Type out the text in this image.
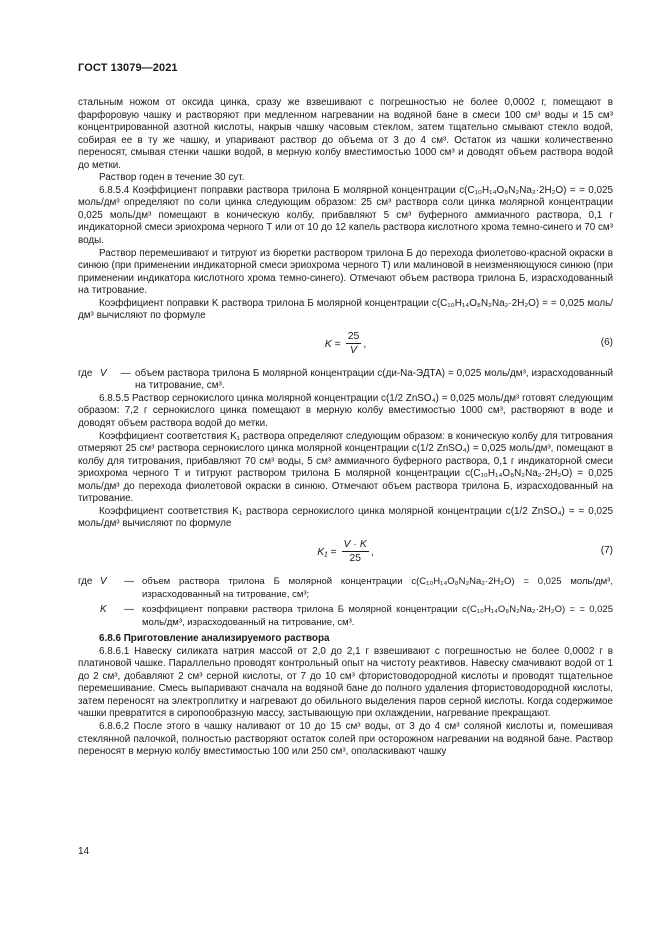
ГОСТ 13079—2021

стальным ножом от оксида цинка, сразу же взвешивают с погрешностью не более 0,0002 г, помещают в фарфоровую чашку и растворяют при медленном нагревании на водяной бане в смеси 100 см³ воды и 15 см³ концентрированной азотной кислоты, накрыв чашку часовым стеклом, затем тщательно смывают стекло водой, собирая ее в ту же чашку, и упаривают раствор до объема от 3 до 4 см³. Остаток из чашки количественно переносят, смывая стенки чашки водой, в мерную колбу вместимостью 1000 см³ и доводят объем раствора водой до метки.

Раствор годен в течение 30 сут.

6.8.5.4 Коэффициент поправки раствора трилона Б молярной концентрации c(C₁₀H₁₄O₈N₂Na₂·2H₂O) = = 0,025 моль/дм³ определяют по соли цинка следующим образом: 25 см³ раствора соли цинка молярной концентрации 0,025 моль/дм³ помещают в коническую колбу, прибавляют 5 см³ буферного аммиачного раствора, 0,1 г индикаторной смеси эриохрома черного Т или от 10 до 12 капель раствора кислотного хрома темно-синего и 70 см³ воды.

Раствор перемешивают и титруют из бюретки раствором трилона Б до перехода фиолетово-красной окраски в синюю (при применении индикаторной смеси эриохрома черного Т) или малиновой в неизменяющуюся синюю (при применении индикатора кислотного хрома темно-синего). Отмечают объем раствора трилона Б, израсходованный на титрование.

Коэффициент поправки K раствора трилона Б молярной концентрации c(C₁₀H₁₄O₈N₂Na₂·2H₂O) = = 0,025 моль/дм³ вычисляют по формуле

$K = \frac{25}{V}$ ,	(6)
где V	— объем раствора трилона Б молярной концентрации c(ди-Na-ЭДТА) = 0,025 моль/дм³, израсходованный на титрование, см³.

6.8.5.5 Раствор сернокислого цинка молярной концентрации c(1/2 ZnSO₄) = 0,025 моль/дм³ готовят следующим образом: 7,2 г сернокислого цинка помещают в мерную колбу вместимостью 1000 см³, растворяют в воде и доводят объем раствора водой до метки.

Коэффициент соответствия K₁ раствора определяют следующим образом: в коническую колбу для титрования отмеряют 25 см³ раствора сернокислого цинка молярной концентрации c(1/2 ZnSO₄) = 0,025 моль/дм³, помещают в колбу для титрования, прибавляют 70 см³ воды, 5 см³ аммиачного буферного раствора, 0,1 г индикаторной смеси эриохрома черного Т и титруют раствором трилона Б молярной концентрации c(C₁₀H₁₄O₈N₂Na₂·2H₂O) = 0,025 моль/дм³ до перехода фиолетовой окраски в синюю. Отмечают объем раствора трилона Б, израсходованный на титрование.

Коэффициент соответствия K₁ раствора сернокислого цинка молярной концентрации c(1/2 ZnSO₄) = = 0,025 моль/дм³ вычисляют по формуле

$K_1 = \frac{V \cdot K}{25}$ ,	(7)
где V	— объем раствора трилона Б молярной концентрации c(C₁₀H₁₄O₈N₂Na₂·2H₂O) = 0,025 моль/дм³, израсходованный на титрование, см³;
K	— коэффициент поправки раствора трилона Б молярной концентрации c(C₁₀H₁₄O₈N₂Na₂·2H₂O) = = 0,025 моль/дм³, израсходованный на титрование, см³.

6.8.6 Приготовление анализируемого раствора

6.8.6.1 Навеску силиката натрия массой от 2,0 до 2,1 г взвешивают с погрешностью не более 0,0002 г в платиновой чашке. Параллельно проводят контрольный опыт на чистоту реактивов. Навеску смачивают водой от 1 до 2 см³, добавляют 2 см³ серной кислоты, от 7 до 10 см³ фтористоводородной кислоты и проводят тщательное перемешивание. Смесь выпаривают сначала на водяной бане до полного удаления фтористоводородной кислоты, затем переносят на электроплитку и нагревают до обильного выделения паров серной кислоты. Когда содержимое чашки превратится в сиропообразную массу, застывающую при охлаждении, нагревание прекращают.

6.8.6.2 После этого в чашку наливают от 10 до 15 см³ воды, от 3 до 4 см³ соляной кислоты и, помешивая стеклянной палочкой, полностью растворяют остаток солей при осторожном нагревании на водяной бане. Раствор переносят в мерную колбу вместимостью 100 или 250 см³, ополаскивают чашку

14
